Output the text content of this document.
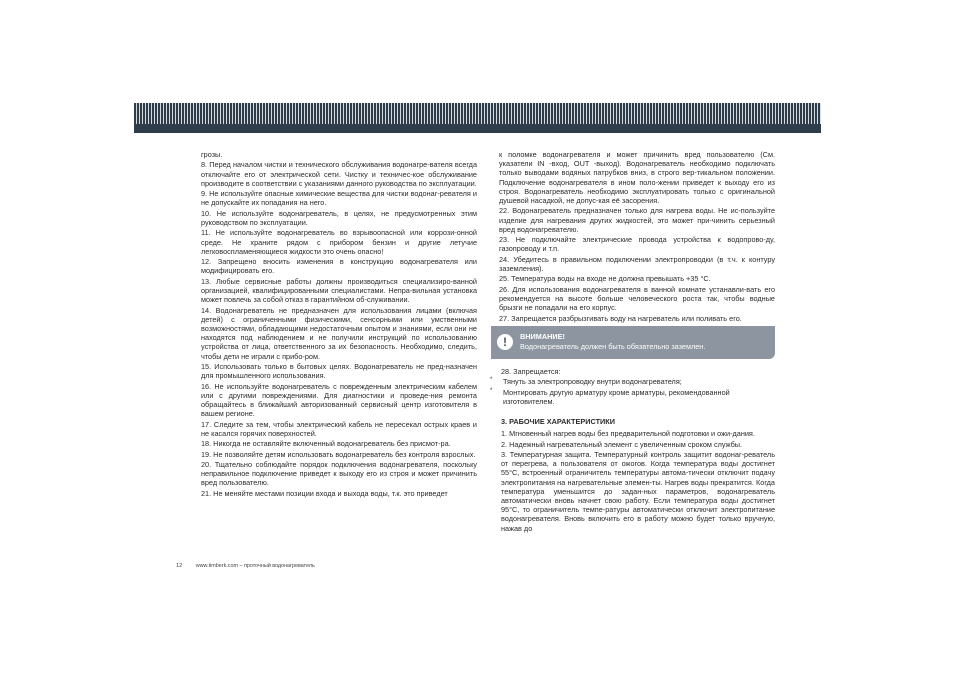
грозы.

8. Перед началом чистки и технического обслуживания водонагре-вателя всегда отключайте его от электрической сети. Чистку и техничес-кое обслуживание производите в соответствии с указаниями данного руководства по эксплуатации.

9. Не используйте опасные химические вещества для чистки водонаг-ревателя и не допускайте их попадания на него.

10. Не используйте водонагреватель, в целях, не предусмотренных этим руководством по эксплуатации.

11. Не используйте водонагреватель во взрывоопасной или коррози-онной среде. Не храните рядом с прибором бензин и другие летучие легковоспламеняющиеся жидкости это очень опасно!

12. Запрещено вносить изменения в конструкцию водонагревателя или модифицировать его.

13. Любые сервисные работы должны производиться специализиро-ванной организацией, квалифицированными специалистами. Непра-вильная установка может повлечь за собой отказ в гарантийном об-служивании.

14. Водонагреватель не предназначен для использования лицами (включая детей) с ограниченными физическими, сенсорными или умственными возможностями, обладающими недостаточным опытом и знаниями, если они не находятся под наблюдением и не получили инструкций по использованию устройства от лица, ответственного за их безопасность. Необходимо, следить, чтобы дети не играли с прибо-ром.

15. Использовать только в бытовых целях. Водонагреватель не пред-назначен для промышленного использования.

16. Не используйте водонагреватель с поврежденным электрическим кабелем или с другими повреждениями. Для диагностики и проведе-ния ремонта обращайтесь в ближайший авторизованный сервисный центр изготовителя в вашем регионе.

17. Следите за тем, чтобы электрический кабель не пересекал острых краев и не касался горячих поверхностей.

18. Никогда не оставляйте включенный водонагреватель без присмот-ра.

19. Не позволяйте детям использовать водонагреватель без контроля взрослых.

20. Тщательно соблюдайте порядок подключения водонагревателя, поскольку неправильное подключение приведет к выходу его из строя и может причинить вред пользователю.

21. Не меняйте местами позиции входа и выхода воды, т.к. это приведет

к поломке водонагревателя и может причинить вред пользователю (См. указатели IN -вход, OUT -выход). Водонагреватель необходимо подключать только выводами водяных патрубков вниз, в строго вер-тикальном положении. Подключение водонагревателя в ином поло-жении приведет к выходу его из строя. Водонагреватель необходимо эксплуатировать только с оригинальной душевой насадкой, не допус-кая её засорения.

22. Водонагреватель предназначен только для нагрева воды. Не ис-пользуйте изделие для нагревания других жидкостей, это может при-чинить серьезный вред водонагревателю.

23. Не подключайте электрические провода устройства к водопрово-ду, газопроводу и т.п.

24. Убедитесь в правильном подключении электропроводки (в т.ч. к контуру заземления).

25. Температура воды на входе не должна превышать +35 °C.

26. Для использования водонагревателя в ванной комнате устанавли-вать его рекомендуется на высоте больше человеческого роста так, чтобы водные брызги не попадали на его корпус.

27. Запрещается разбрызгивать воду на нагреватель или поливать его.

!	ВНИМАНИЕ!
Водонагреватель должен быть обязательно заземлен.

28. Запрещается:

* Тянуть за электропроводку внутри водонагревателя;

* Монтировать другую арматуру кроме арматуры, рекомендованной изготовителем.

3. РАБОЧИЕ ХАРАКТЕРИСТИКИ

1. Мгновенный нагрев воды без предварительной подготовки и ожи-дания.

2. Надежный нагревательный элемент с увеличенным сроком службы.

3. Температурная защита. Температурный контроль защитит водонаг-реватель от перегрева, а пользователя от ожогов. Когда температура воды достигнет 55°С, встроенный ограничитель температуры автома-тически отключит подачу электропитания на нагревательные элемен-ты. Нагрев воды прекратится. Когда температура уменьшится до задан-ных параметров, водонагреватель автоматически вновь начнет свою работу. Если температура воды достигнет 95°С, то ограничитель темпе-ратуры автоматически отключит электропитание водонагревателя. Вновь включить его в работу можно будет только вручную, нажав до

12	www.timberk.com – проточный водонагреватель
